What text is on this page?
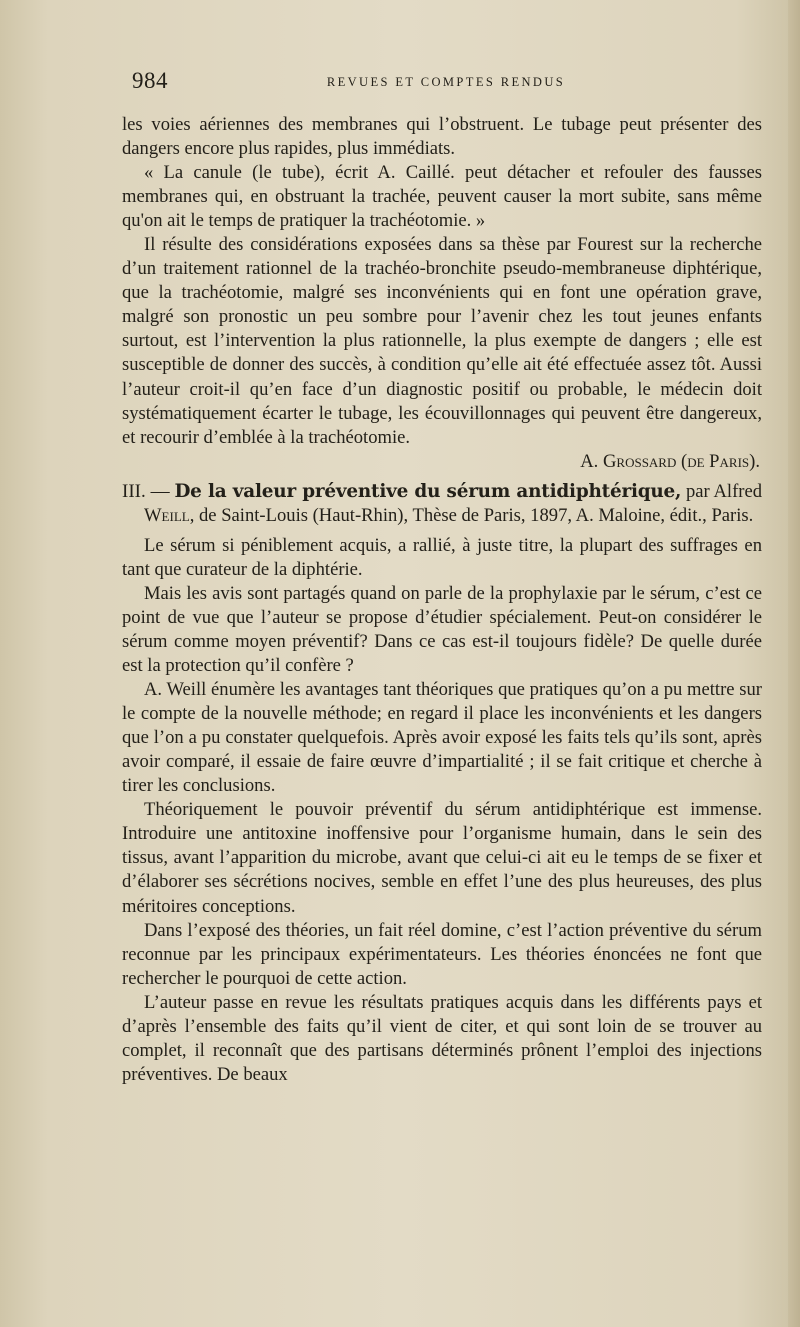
984	REVUES ET COMPTES RENDUS

les voies aériennes des membranes qui l’obstruent. Le tubage peut présenter des dangers encore plus rapides, plus immédiats.

« La canule (le tube), écrit A. Caillé. peut détacher et refouler des fausses membranes qui, en obstruant la trachée, peuvent causer la mort subite, sans même qu'on ait le temps de pratiquer la trachéotomie. »

Il résulte des considérations exposées dans sa thèse par Fourest sur la recherche d’un traitement rationnel de la trachéo-bronchite pseudo-membraneuse diphtérique, que la trachéotomie, malgré ses inconvénients qui en font une opération grave, malgré son pronostic un peu sombre pour l’avenir chez les tout jeunes enfants surtout, est l’intervention la plus rationnelle, la plus exempte de dangers ; elle est susceptible de donner des succès, à condition qu’elle ait été effectuée assez tôt. Aussi l’auteur croit-il qu’en face d’un diagnostic positif ou probable, le médecin doit systématiquement écarter le tubage, les écouvillonnages qui peuvent être dangereux, et recourir d’emblée à la trachéotomie.

A. Grossard (de Paris).

III. — De la valeur préventive du sérum antidiphtérique, par Alfred Weill, de Saint-Louis (Haut-Rhin), Thèse de Paris, 1897, A. Maloine, édit., Paris.

Le sérum si péniblement acquis, a rallié, à juste titre, la plupart des suffrages en tant que curateur de la diphtérie.

Mais les avis sont partagés quand on parle de la prophylaxie par le sérum, c’est ce point de vue que l’auteur se propose d’étudier spécialement. Peut-on considérer le sérum comme moyen préventif? Dans ce cas est-il toujours fidèle? De quelle durée est la protection qu’il confère ?

A. Weill énumère les avantages tant théoriques que pratiques qu’on a pu mettre sur le compte de la nouvelle méthode; en regard il place les inconvénients et les dangers que l’on a pu constater quelquefois. Après avoir exposé les faits tels qu’ils sont, après avoir comparé, il essaie de faire œuvre d’impartialité ; il se fait critique et cherche à tirer les conclusions.

Théoriquement le pouvoir préventif du sérum antidiphtérique est immense. Introduire une antitoxine inoffensive pour l’organisme humain, dans le sein des tissus, avant l’apparition du microbe, avant que celui-ci ait eu le temps de se fixer et d’élaborer ses sécrétions nocives, semble en effet l’une des plus heureuses, des plus méritoires conceptions.

Dans l’exposé des théories, un fait réel domine, c’est l’action préventive du sérum reconnue par les principaux expérimentateurs. Les théories énoncées ne font que rechercher le pourquoi de cette action.

L’auteur passe en revue les résultats pratiques acquis dans les différents pays et d’après l’ensemble des faits qu’il vient de citer, et qui sont loin de se trouver au complet, il reconnaît que des partisans déterminés prônent l’emploi des injections préventives. De beaux
